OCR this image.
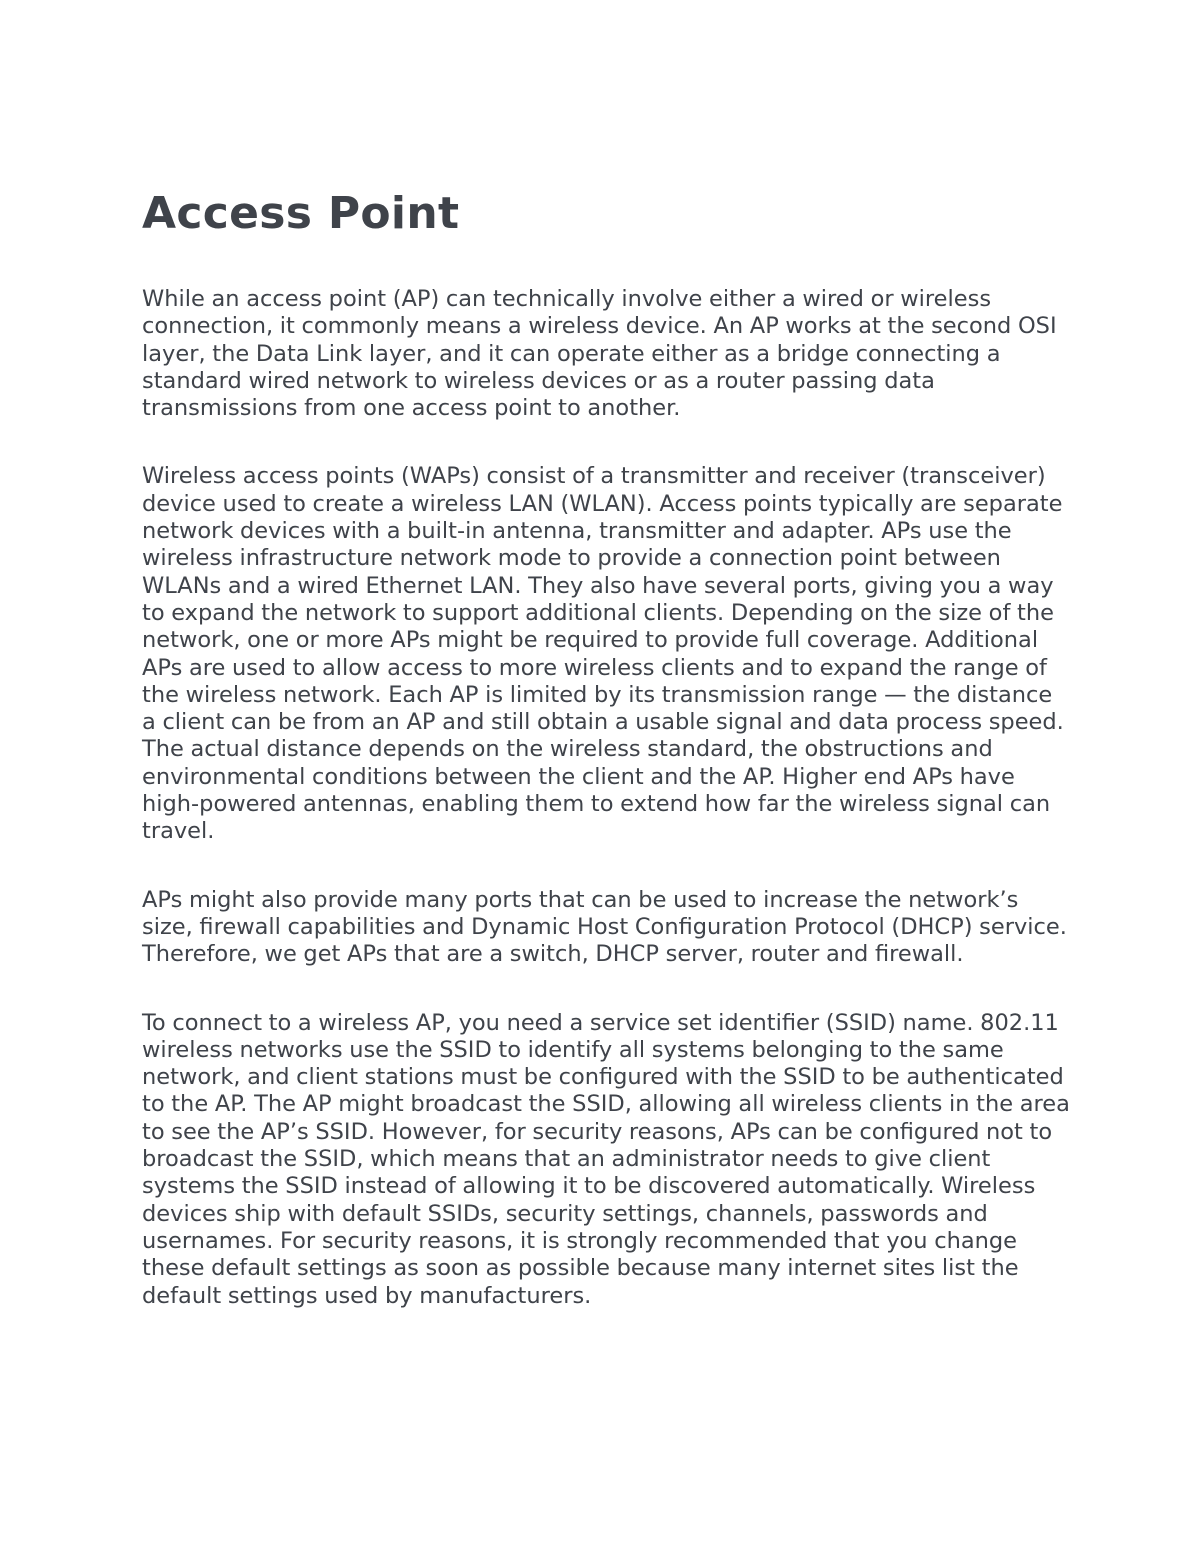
Access Point

While an access point (AP) can technically involve either a wired or wireless connection, it commonly means a wireless device. An AP works at the second OSI layer, the Data Link layer, and it can operate either as a bridge connecting a standard wired network to wireless devices or as a router passing data transmissions from one access point to another.

Wireless access points (WAPs) consist of a transmitter and receiver (transceiver) device used to create a wireless LAN (WLAN). Access points typically are separate network devices with a built-in antenna, transmitter and adapter. APs use the wireless infrastructure network mode to provide a connection point between WLANs and a wired Ethernet LAN. They also have several ports, giving you a way to expand the network to support additional clients. Depending on the size of the network, one or more APs might be required to provide full coverage. Additional APs are used to allow access to more wireless clients and to expand the range of the wireless network. Each AP is limited by its transmission range — the distance a client can be from an AP and still obtain a usable signal and data process speed. The actual distance depends on the wireless standard, the obstructions and environmental conditions between the client and the AP. Higher end APs have high-powered antennas, enabling them to extend how far the wireless signal can travel.

APs might also provide many ports that can be used to increase the network’s size, firewall capabilities and Dynamic Host Configuration Protocol (DHCP) service. Therefore, we get APs that are a switch, DHCP server, router and firewall.

To connect to a wireless AP, you need a service set identifier (SSID) name. 802.11 wireless networks use the SSID to identify all systems belonging to the same network, and client stations must be configured with the SSID to be authenticated to the AP. The AP might broadcast the SSID, allowing all wireless clients in the area to see the AP’s SSID. However, for security reasons, APs can be configured not to broadcast the SSID, which means that an administrator needs to give client systems the SSID instead of allowing it to be discovered automatically. Wireless devices ship with default SSIDs, security settings, channels, passwords and usernames. For security reasons, it is strongly recommended that you change these default settings as soon as possible because many internet sites list the default settings used by manufacturers.
